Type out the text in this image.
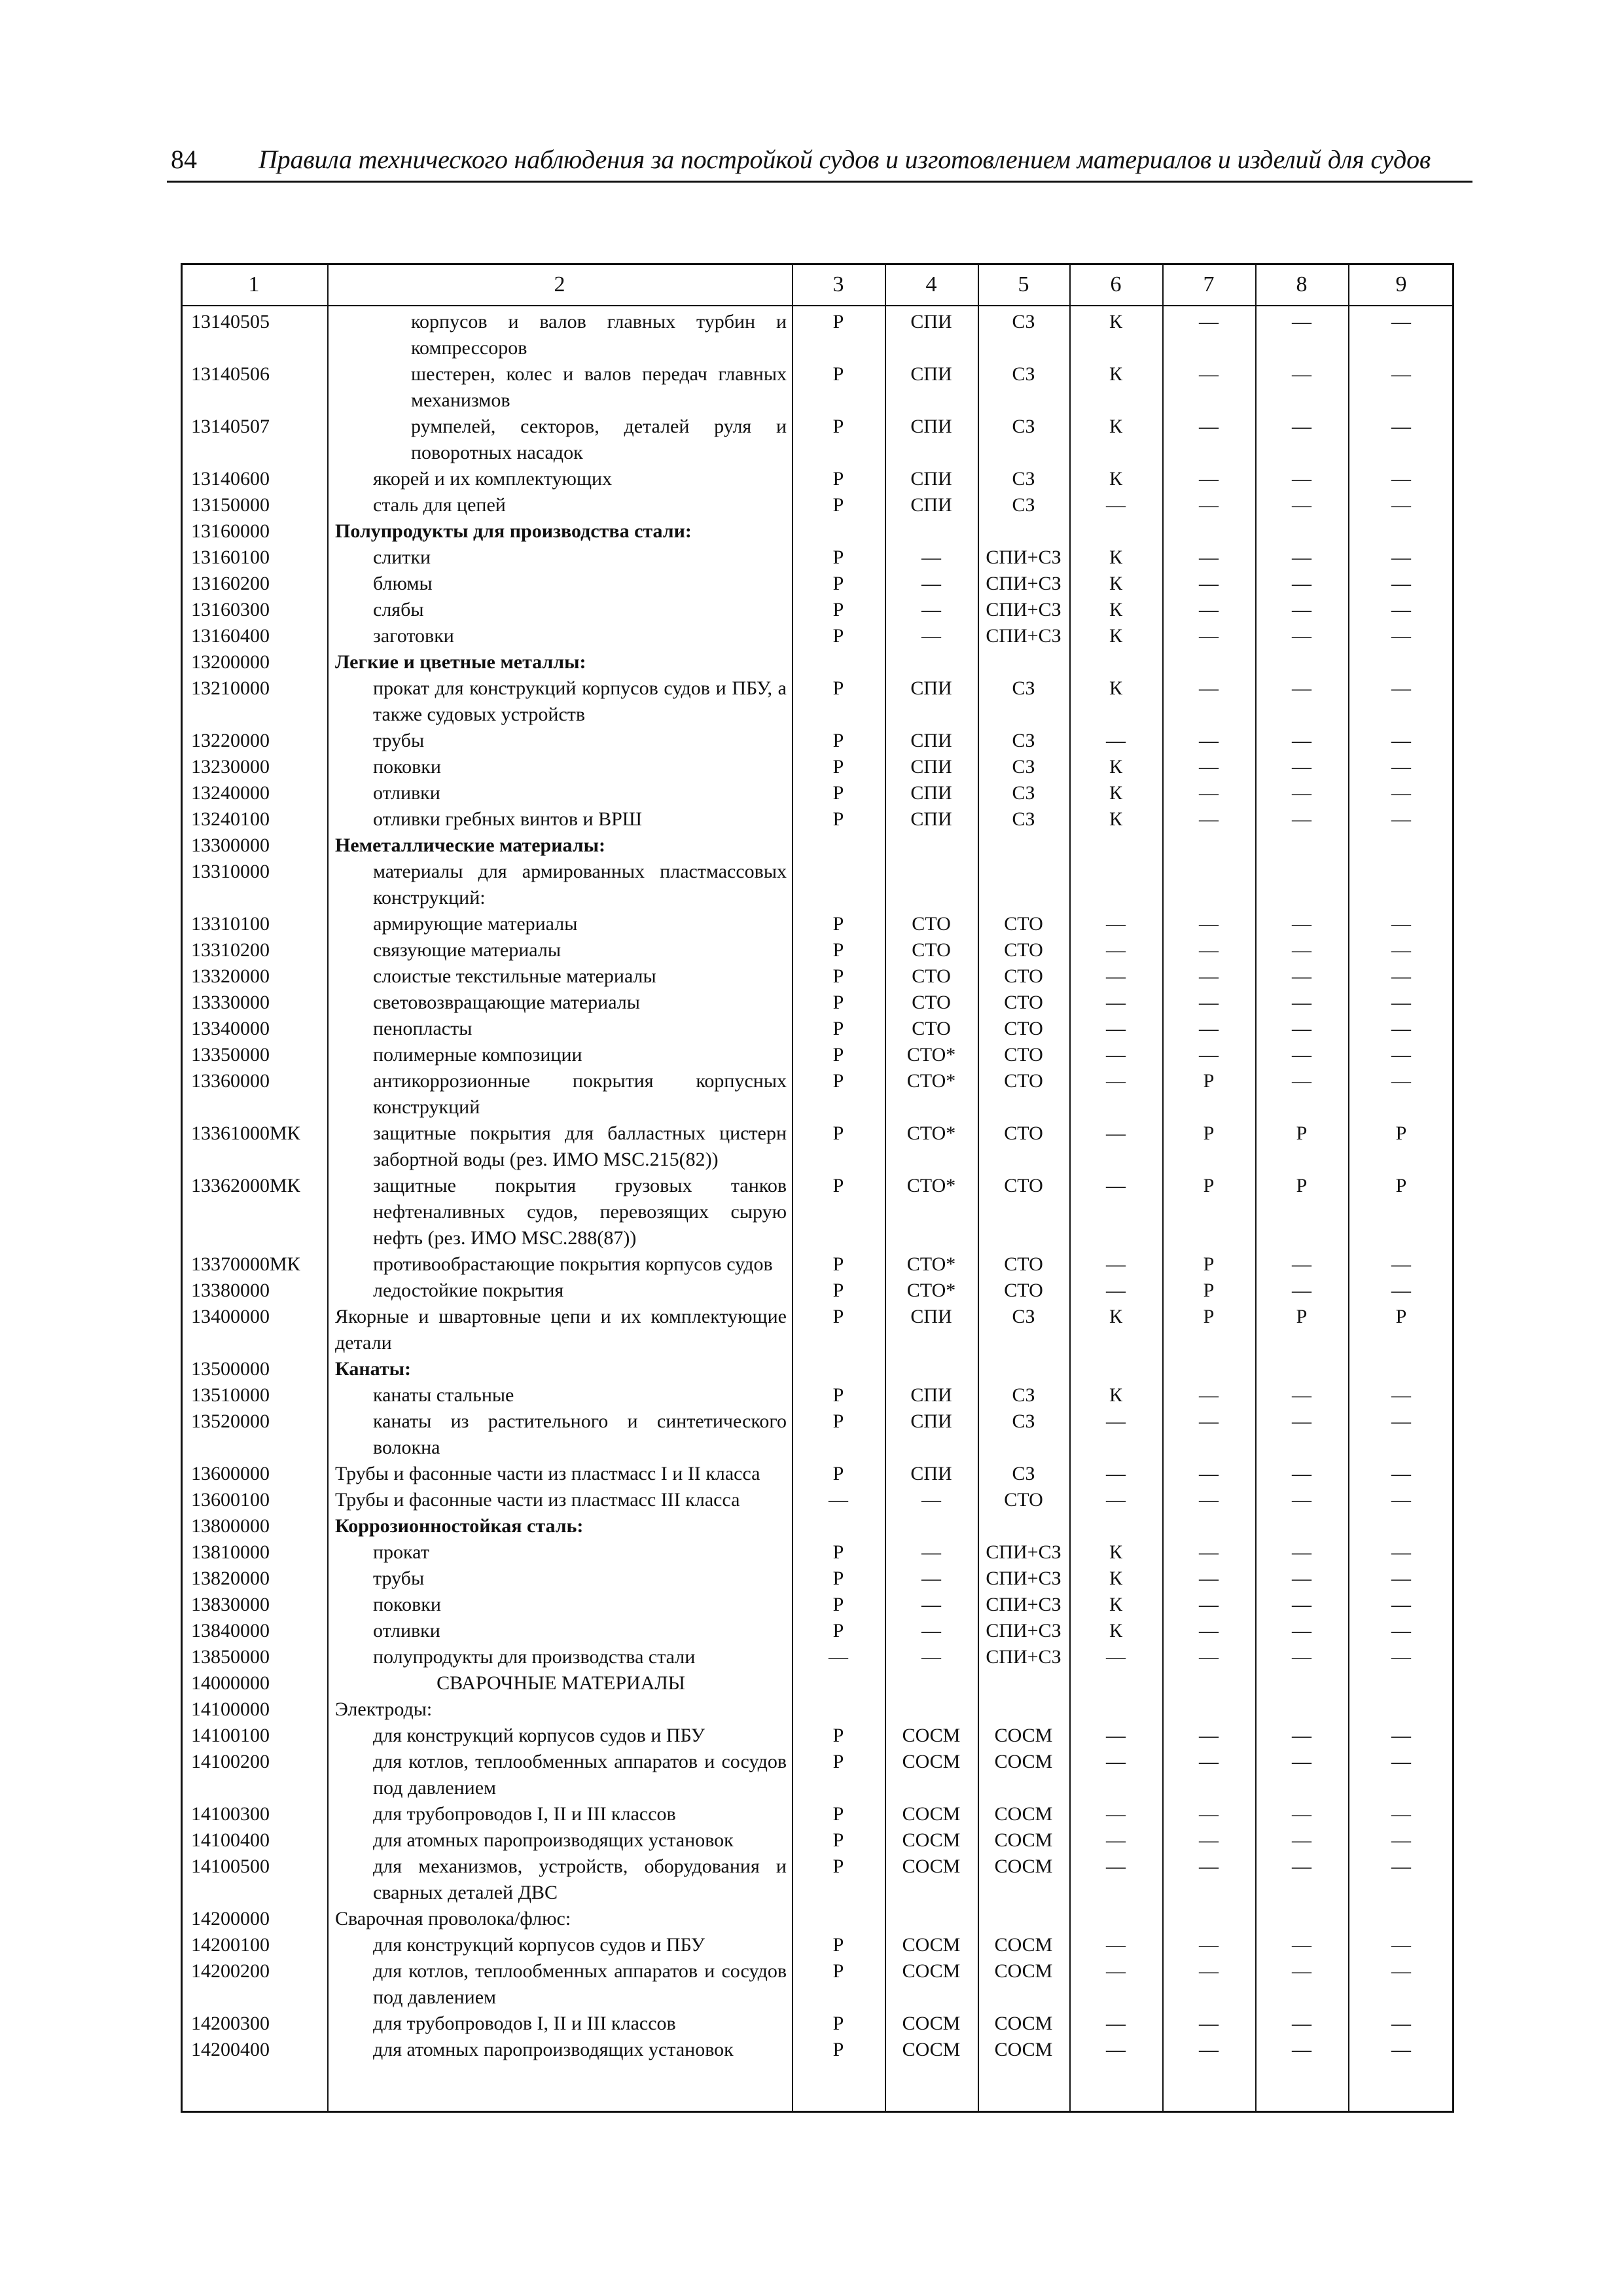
84 Правила технического наблюдения за постройкой судов и изготовлением материалов и изделий для судов
1	2	3	4	5	6	7	8	9
13140505	корпусов и валов главных турбин и компрессоров
Р	СПИ	СЗ	К	—	—	—
13140506	шестерен, колес и валов передач главных механизмов
Р	СПИ	СЗ	К	—	—	—
13140507	румпелей, секторов, деталей руля и поворотных насадок
Р	СПИ	СЗ	К	—	—	—
13140600	якорей и их комплектующих	Р	СПИ	СЗ	К	—	—	—
13150000	сталь для цепей	Р	СПИ	СЗ	—	—	—	—
13160000	Полупродукты для производства стали:
13160100	слитки	Р	—	СПИ+СЗ	К	—	—	—
13160200	блюмы	Р	—	СПИ+СЗ	К	—	—	—
13160300	слябы	Р	—	СПИ+СЗ	К	—	—	—
13160400	заготовки	Р	—	СПИ+СЗ	К	—	—	—
13200000	Легкие и цветные металлы:
13210000	прокат для конструкций корпусов судов и ПБУ, а также судовых устройств
Р	СПИ	СЗ	К	—	—	—
13220000	трубы	Р	СПИ	СЗ	—	—	—	—
13230000	поковки	Р	СПИ	СЗ	К	—	—	—
13240000	отливки	Р	СПИ	СЗ	К	—	—	—
13240100	отливки гребных винтов и ВРШ	Р	СПИ	СЗ	К	—	—	—
13300000	Неметаллические материалы:
13310000	материалы для армированных пластмассовых конструкций:
13310100	армирующие материалы	Р	СТО	СТО	—	—	—	—
13310200	связующие материалы	Р	СТО	СТО	—	—	—	—
13320000	слоистые текстильные материалы	Р	СТО	СТО	—	—	—	—
13330000	световозвращающие материалы	Р	СТО	СТО	—	—	—	—
13340000	пенопласты	Р	СТО	СТО	—	—	—	—
13350000	полимерные композиции	Р	СТО*	СТО	—	—	—	—
13360000	антикоррозионные покрытия корпусных конструкций
Р	СТО*	СТО	—	Р	—	—
13361000МК	защитные покрытия для балластных цистерн забортной воды (рез. ИМО MSC.215(82))
Р	СТО*	СТО	—	Р	Р	Р
13362000МК	защитные покрытия грузовых танков нефтеналивных судов, перевозящих сырую нефть (рез. ИМО MSC.288(87))
Р	СТО*	СТО	—	Р	Р	Р
13370000МК	противообрастающие покрытия корпусов судов	Р	СТО*	СТО	—	Р	—	—
13380000	ледостойкие покрытия	Р	СТО*	СТО	—	Р	—	—
13400000	Якорные и швартовные цепи и их комплектующие детали
Р	СПИ	СЗ	К	Р	Р	Р
13500000	Канаты:
13510000	канаты стальные	Р	СПИ	СЗ	К	—	—	—
13520000	канаты из растительного и синтетического волокна
Р	СПИ	СЗ	—	—	—	—
13600000	Трубы и фасонные части из пластмасс I и II класса	Р	СПИ	СЗ	—	—	—	—
13600100	Трубы и фасонные части из пластмасс III класса	—	—	СТО	—	—	—	—
13800000	Коррозионностойкая сталь:
13810000	прокат	Р	—	СПИ+СЗ	К	—	—	—
13820000	трубы	Р	—	СПИ+СЗ	К	—	—	—
13830000	поковки	Р	—	СПИ+СЗ	К	—	—	—
13840000	отливки	Р	—	СПИ+СЗ	К	—	—	—
13850000	полупродукты для производства стали	—	—	СПИ+СЗ	—	—	—	—
14000000	СВАРОЧНЫЕ МАТЕРИАЛЫ
14100000	Электроды:
14100100	для конструкций корпусов судов и ПБУ	Р	СОСМ	СОСМ	—	—	—	—
14100200	для котлов, теплообменных аппаратов и сосудов под давлением
Р	СОСМ	СОСМ	—	—	—	—
14100300	для трубопроводов I, II и III классов	Р	СОСМ	СОСМ	—	—	—	—
14100400	для атомных паропроизводящих установок	Р	СОСМ	СОСМ	—	—	—	—
14100500	для механизмов, устройств, оборудования и сварных деталей ДВС
Р	СОСМ	СОСМ	—	—	—	—
14200000	Сварочная проволока/флюс:
14200100	для конструкций корпусов судов и ПБУ	Р	СОСМ	СОСМ	—	—	—	—
14200200	для котлов, теплообменных аппаратов и сосудов под давлением
Р	СОСМ	СОСМ	—	—	—	—
14200300	для трубопроводов I, II и III классов	Р	СОСМ	СОСМ	—	—	—	—
14200400	для атомных паропроизводящих установок	Р	СОСМ	СОСМ	—	—	—	—
